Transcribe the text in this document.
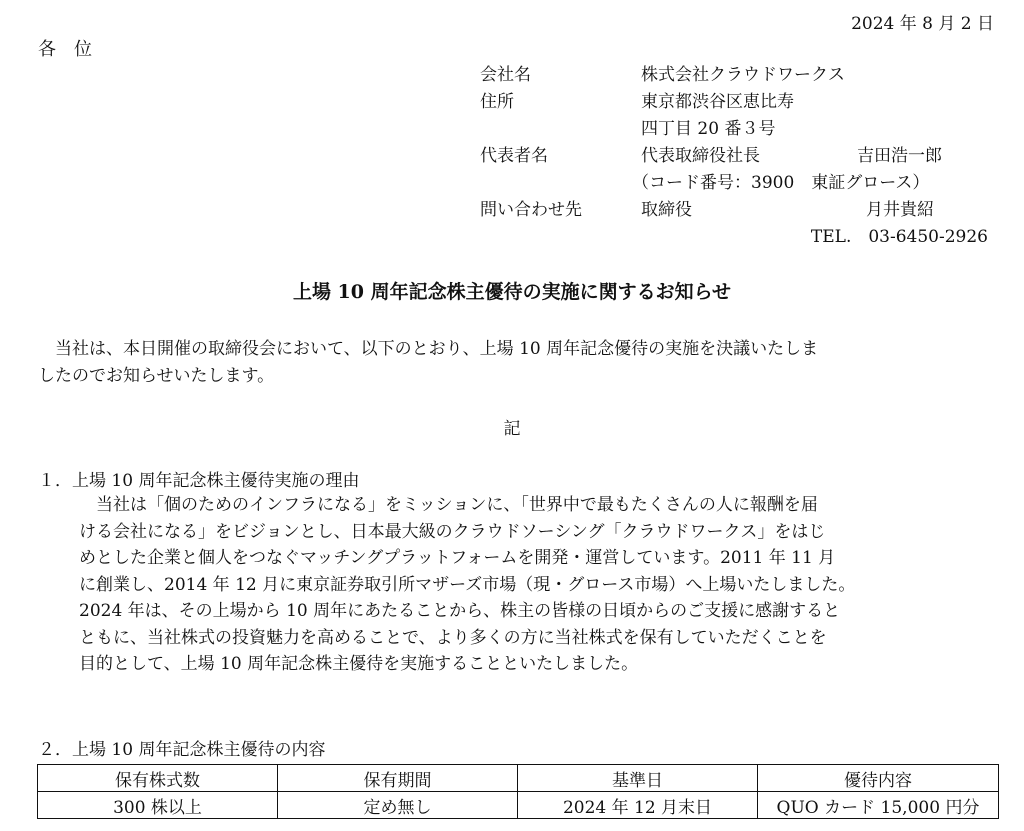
2024 年 8 月 2 日
各　位
会社名	株式会社クラウドワークス
住所	東京都渋谷区恵比寿
四丁目 20 番３号
代表者名	代表取締役社長	吉田浩一郎
（コード番号：3900　東証グロース）
問い合わせ先	取締役	月井貴紹
TEL.　03-6450-2926
上場 10 周年記念株主優待の実施に関するお知らせ
当社は、本日開催の取締役会において、以下のとおり、上場 10 周年記念優待の実施を決議いたしま
したのでお知らせいたします。
記
１．上場 10 周年記念株主優待実施の理由
当社は「個のためのインフラになる」をミッションに、「世界中で最もたくさんの人に報酬を届
ける会社になる」をビジョンとし、日本最大級のクラウドソーシング「クラウドワークス」をはじ
めとした企業と個人をつなぐマッチングプラットフォームを開発・運営しています。2011 年 11 月
に創業し、2014 年 12 月に東京証券取引所マザーズ市場（現・グロース市場）へ上場いたしました。
2024 年は、その上場から 10 周年にあたることから、株主の皆様の日頃からのご支援に感謝すると
ともに、当社株式の投資魅力を高めることで、より多くの方に当社株式を保有していただくことを
目的として、上場 10 周年記念株主優待を実施することといたしました。
２．上場 10 周年記念株主優待の内容
保有株式数	保有期間	基準日	優待内容
300 株以上	定め無し	2024 年 12 月末日	QUO カード 15,000 円分
